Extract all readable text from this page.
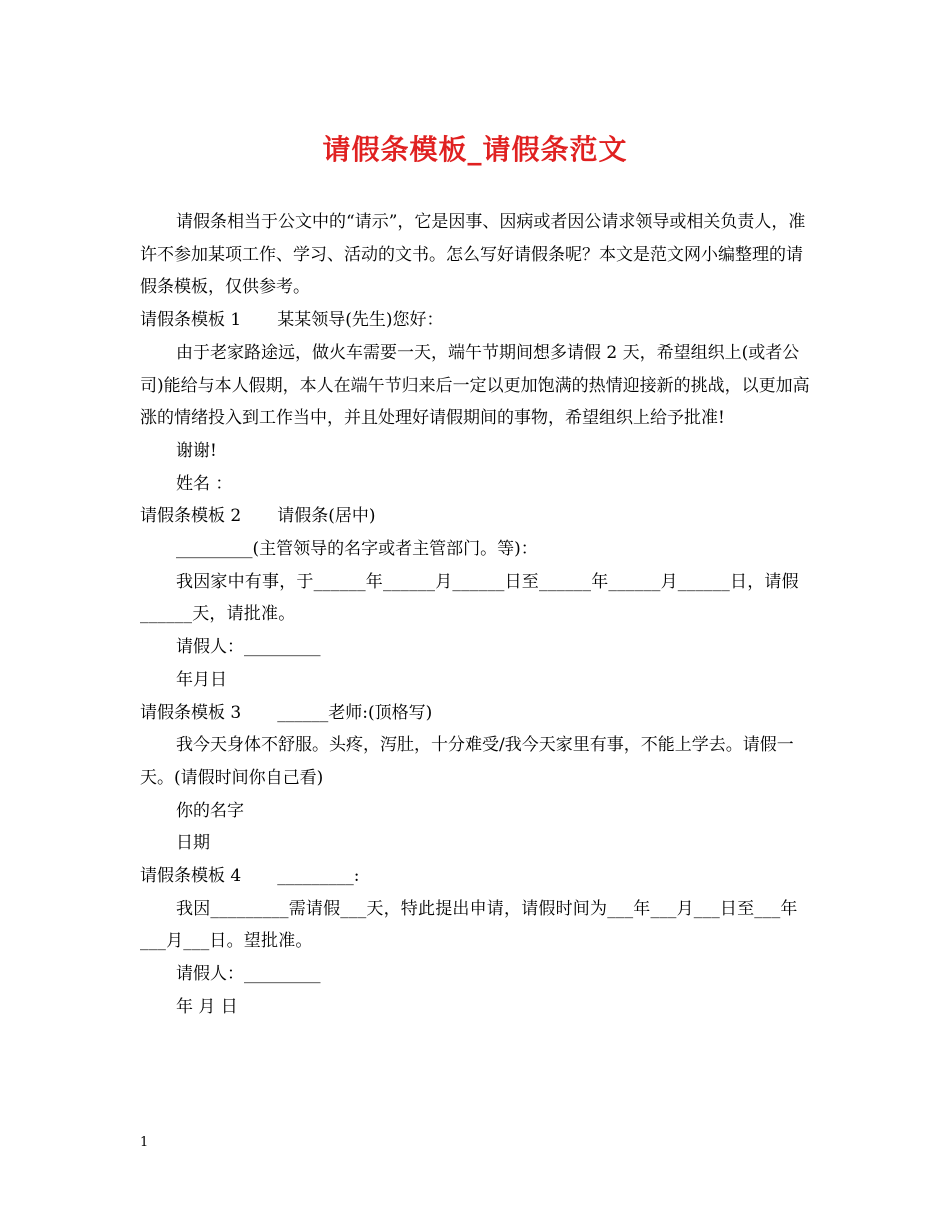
请假条模板_请假条范文

请假条相当于公文中的“请示”，它是因事、因病或者因公请求领导或相关负责人，准许不参加某项工作、学习、活动的文书。怎么写好请假条呢？本文是范文网小编整理的请假条模板，仅供参考。

请假条模板 1 某某领导(先生)您好：

由于老家路途远，做火车需要一天，端午节期间想多请假 2 天，希望组织上(或者公司)能给与本人假期，本人在端午节归来后一定以更加饱满的热情迎接新的挑战，以更加高涨的情绪投入到工作当中，并且处理好请假期间的事物，希望组织上给予批准!

谢谢!

姓名 ：

请假条模板 2 请假条(居中)

_________(主管领导的名字或者主管部门。等)：

我因家中有事，于______年______月______日至______年______月______日，请假______天，请批准。

请假人：_________

年月日

请假条模板 3 ______老师:(顶格写)

我今天身体不舒服。头疼，泻肚，十分难受/我今天家里有事，不能上学去。请假一天。(请假时间你自己看)

你的名字

日期

请假条模板 4 _________:

我因_________需请假___天，特此提出申请，请假时间为___年___月___日至___年___月___日。望批准。

请假人：_________

年 月 日

1
